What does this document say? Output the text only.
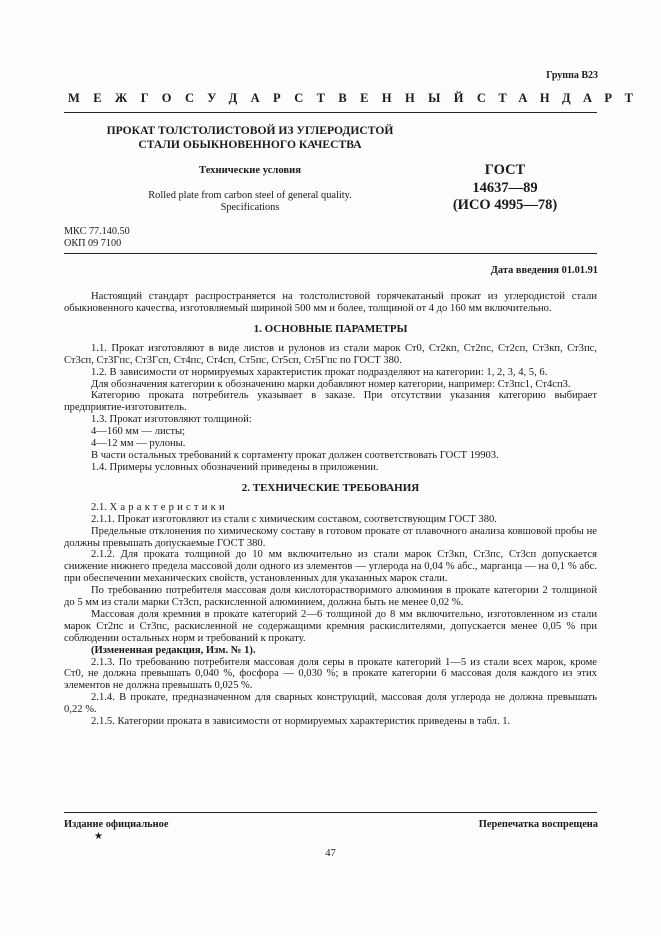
Группа В23
МЕЖГОСУДАРСТВЕННЫЙ СТАНДАРТ
ПРОКАТ ТОЛСТОЛИСТОВОЙ ИЗ УГЛЕРОДИСТОЙ
СТАЛИ ОБЫКНОВЕННОГО КАЧЕСТВА
Технические условия
Rolled plate from carbon steel of general quality.
Specifications
ГОСТ
14637—89
(ИСО 4995—78)
МКС 77.140.50
ОКП 09 7100
Дата введения 01.01.91

Настоящий стандарт распространяется на толстолистовой горячекатаный прокат из углеродистой стали обыкновенного качества, изготовляемый шириной 500 мм и более, толщиной от 4 до 160 мм включительно.

1. ОСНОВНЫЕ ПАРАМЕТРЫ

1.1. Прокат изготовляют в виде листов и рулонов из стали марок Ст0, Ст2кп, Ст2пс, Ст2сп, Ст3кп, Ст3пс, Ст3сп, Ст3Гпс, Ст3Гсп, Ст4пс, Ст4сп, Ст5пс, Ст5сп, Ст5Гпс по ГОСТ 380.

1.2. В зависимости от нормируемых характеристик прокат подразделяют на категории: 1, 2, 3, 4, 5, 6.

Для обозначения категории к обозначению марки добавляют номер категории, например: Ст3пс1, Ст4сп3.

Категорию проката потребитель указывает в заказе. При отсутствии указания категорию выбирает предприятие-изготовитель.

1.3. Прокат изготовляют толщиной:

4—160 мм — листы;

4—12 мм — рулоны.

В части остальных требований к сортаменту прокат должен соответствовать ГОСТ 19903.

1.4. Примеры условных обозначений приведены в приложении.

2. ТЕХНИЧЕСКИЕ ТРЕБОВАНИЯ

2.1. Характеристики

2.1.1. Прокат изготовляют из стали с химическим составом, соответствующим ГОСТ 380.

Предельные отклонения по химическому составу в готовом прокате от плавочного анализа ковшовой пробы не должны превышать допускаемые ГОСТ 380.

2.1.2. Для проката толщиной до 10 мм включительно из стали марок Ст3кп, Ст3пс, Ст3сп допускается снижение нижнего предела массовой доли одного из элементов — углерода на 0,04 % абс., марганца — на 0,1 % абс. при обеспечении механических свойств, установленных для указанных марок стали.

По требованию потребителя массовая доля кислоторастворимого алюминия в прокате категории 2 толщиной до 5 мм из стали марки Ст3сп, раскисленной алюминием, должна быть не менее 0,02 %.

Массовая доля кремния в прокате категорий 2—6 толщиной до 8 мм включительно, изготовленном из стали марок Ст2пс и Ст3пс, раскисленной не содержащими кремния раскислителями, допускается менее 0,05 % при соблюдении остальных норм и требований к прокату.

(Измененная редакция, Изм. № 1).

2.1.3. По требованию потребителя массовая доля серы в прокате категорий 1—5 из стали всех марок, кроме Ст0, не должна превышать 0,040 %, фосфора — 0,030 %; в прокате категории 6 массовая доля каждого из этих элементов не должна превышать 0,025 %.

2.1.4. В прокате, предназначенном для сварных конструкций, массовая доля углерода не должна превышать 0,22 %.

2.1.5. Категории проката в зависимости от нормируемых характеристик приведены в табл. 1.

Издание официальное
★
Перепечатка воспрещена
47
